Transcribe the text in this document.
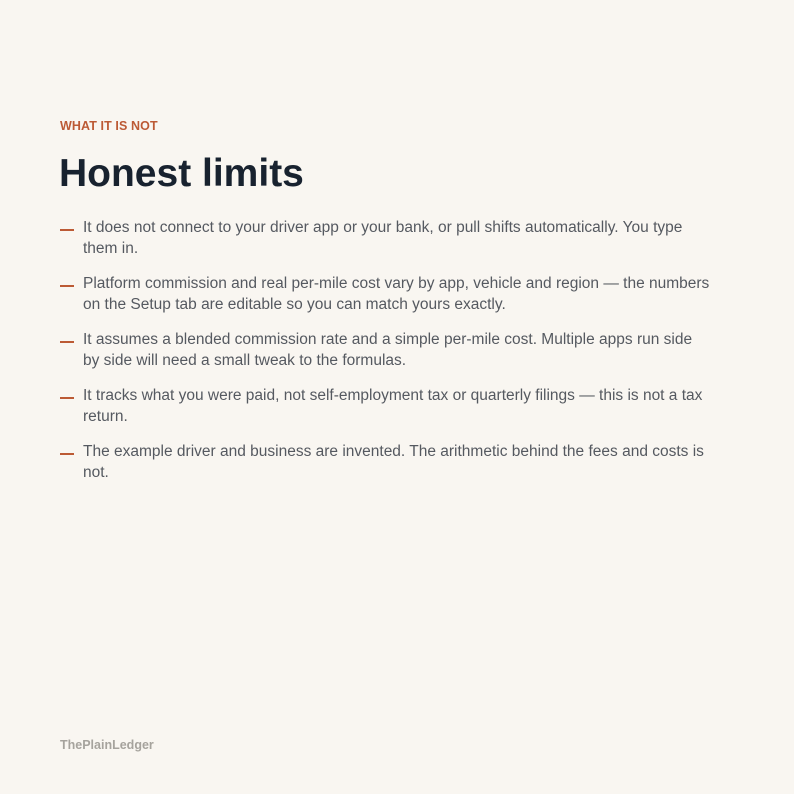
WHAT IT IS NOT

Honest limits
It does not connect to your driver app or your bank, or pull shifts automatically. You type them in.
Platform commission and real per-mile cost vary by app, vehicle and region — the numbers on the Setup tab are editable so you can match yours exactly.
It assumes a blended commission rate and a simple per-mile cost. Multiple apps run side by side will need a small tweak to the formulas.
It tracks what you were paid, not self-employment tax or quarterly filings — this is not a tax return.
The example driver and business are invented. The arithmetic behind the fees and costs is not.
ThePlainLedger
